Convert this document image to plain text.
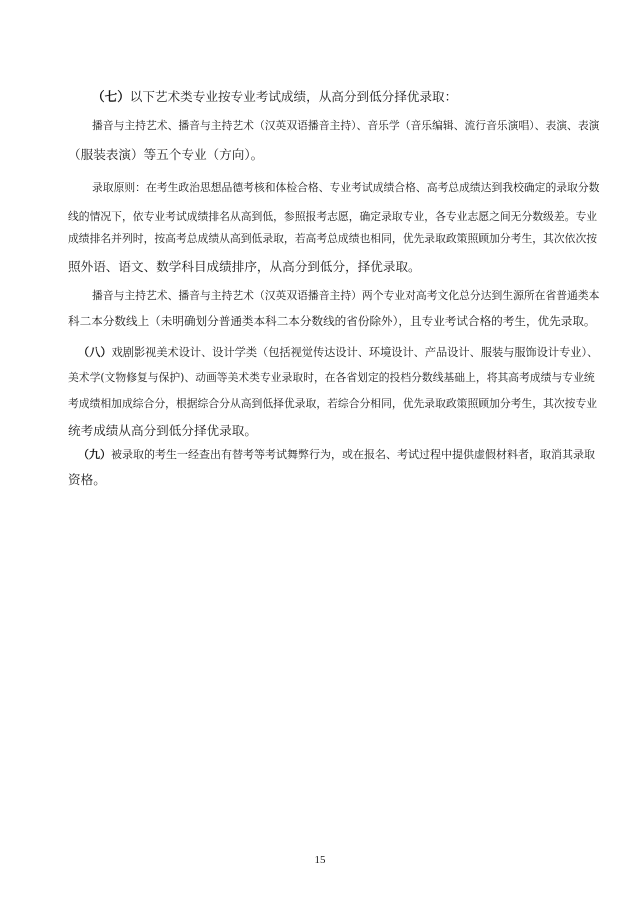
（七）以下艺术类专业按专业考试成绩，从高分到低分择优录取：
播音与主持艺术、播音与主持艺术（汉英双语播音主持）、音乐学（音乐编辑、流行音乐演唱）、表演、表演
（服装表演）等五个专业（方向）。
录取原则：在考生政治思想品德考核和体检合格、专业考试成绩合格、高考总成绩达到我校确定的录取分数
线的情况下，依专业考试成绩排名从高到低，参照报考志愿，确定录取专业，各专业志愿之间无分数级差。专业
成绩排名并列时，按高考总成绩从高到低录取，若高考总成绩也相同，优先录取政策照顾加分考生，其次依次按
照外语、语文、数学科目成绩排序，从高分到低分，择优录取。
播音与主持艺术、播音与主持艺术（汉英双语播音主持）两个专业对高考文化总分达到生源所在省普通类本
科二本分数线上（未明确划分普通类本科二本分数线的省份除外），且专业考试合格的考生，优先录取。
（八）戏剧影视美术设计、设计学类（包括视觉传达设计、环境设计、产品设计、服装与服饰设计专业）、
美术学(文物修复与保护)、动画等美术类专业录取时，在各省划定的投档分数线基础上，将其高考成绩与专业统
考成绩相加成综合分，根据综合分从高到低择优录取，若综合分相同，优先录取政策照顾加分考生，其次按专业
统考成绩从高分到低分择优录取。
（九）被录取的考生一经查出有替考等考试舞弊行为，或在报名、考试过程中提供虚假材料者，取消其录取
资格。
15
